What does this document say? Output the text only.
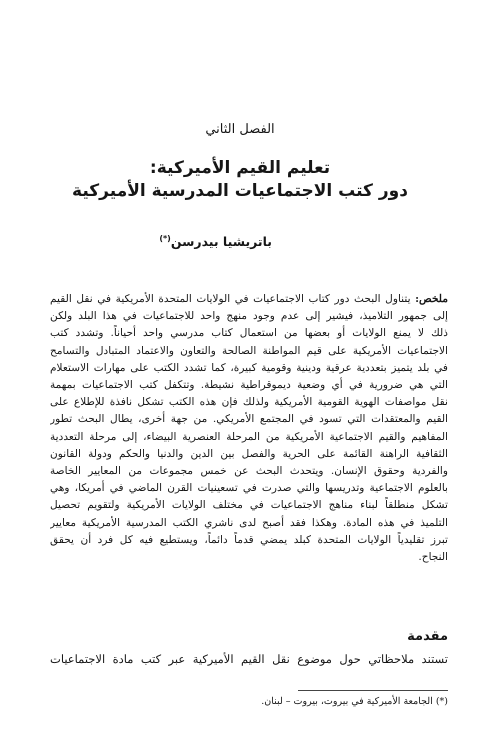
الفصل الثاني
تعليم القيم الأميركية:
دور كتب الاجتماعيات المدرسية الأميركية
باتريشيا بيدرسن(*)
ملخص: يتناول البحث دور كتاب الاجتماعيات في الولايات المتحدة الأمريكية في نقل القيم
إلى جمهور التلاميذ، فيشير إلى عدم وجود منهج واحد للاجتماعيات في هذا البلد ولكن
ذلك لا يمنع الولايات أو بعضها من استعمال كتاب مدرسي واحد أحياناً. وتشدد كتب
الاجتماعيات الأمريكية على قيم المواطنة الصالحة والتعاون والاعتماد المتبادل والتسامح
في بلد يتميز بتعددية عرقية ودينية وقومية كبيرة، كما تشدد الكتب على مهارات الاستعلام
التي هي ضرورية في أي وضعية ديموقراطية نشيطة. وتتكفل كتب الاجتماعيات بمهمة
نقل مواصفات الهوية القومية الأمريكية ولذلك فإن هذه الكتب تشكل نافذة للإطلاع على
القيم والمعتقدات التي تسود في المجتمع الأمريكي. من جهة أخرى، يطال البحث تطور
المفاهيم والقيم الاجتماعية الأمريكية من المرحلة العنصرية البيضاء، إلى مرحلة التعددية
الثقافية الراهنة القائمة على الحرية والفصل بين الدين والدنيا والحكم ودولة القانون
والفردية وحقوق الإنسان. ويتحدث البحث عن خمس مجموعات من المعايير الخاصة
بالعلوم الاجتماعية وتدريسها والتي صدرت في تسعينيات القرن الماضي في أمريكا، وهي
تشكل منطلقاً لبناء مناهج الاجتماعيات في مختلف الولايات الأمريكية ولتقويم تحصيل
التلميذ في هذه المادة. وهكذا فقد أصبح لدى ناشري الكتب المدرسية الأمريكية معايير
تبرز تقليدياً الولايات المتحدة كبلد يمضي قدماً دائماً، ويستطيع فيه كل فرد أن يحقق
النجاح.
مقدمة
تستند ملاحظاتي حول موضوع نقل القيم الأميركية عبر كتب مادة الاجتماعيات
(*) الجامعة الأميركية في بيروت، بيروت – لبنان.
